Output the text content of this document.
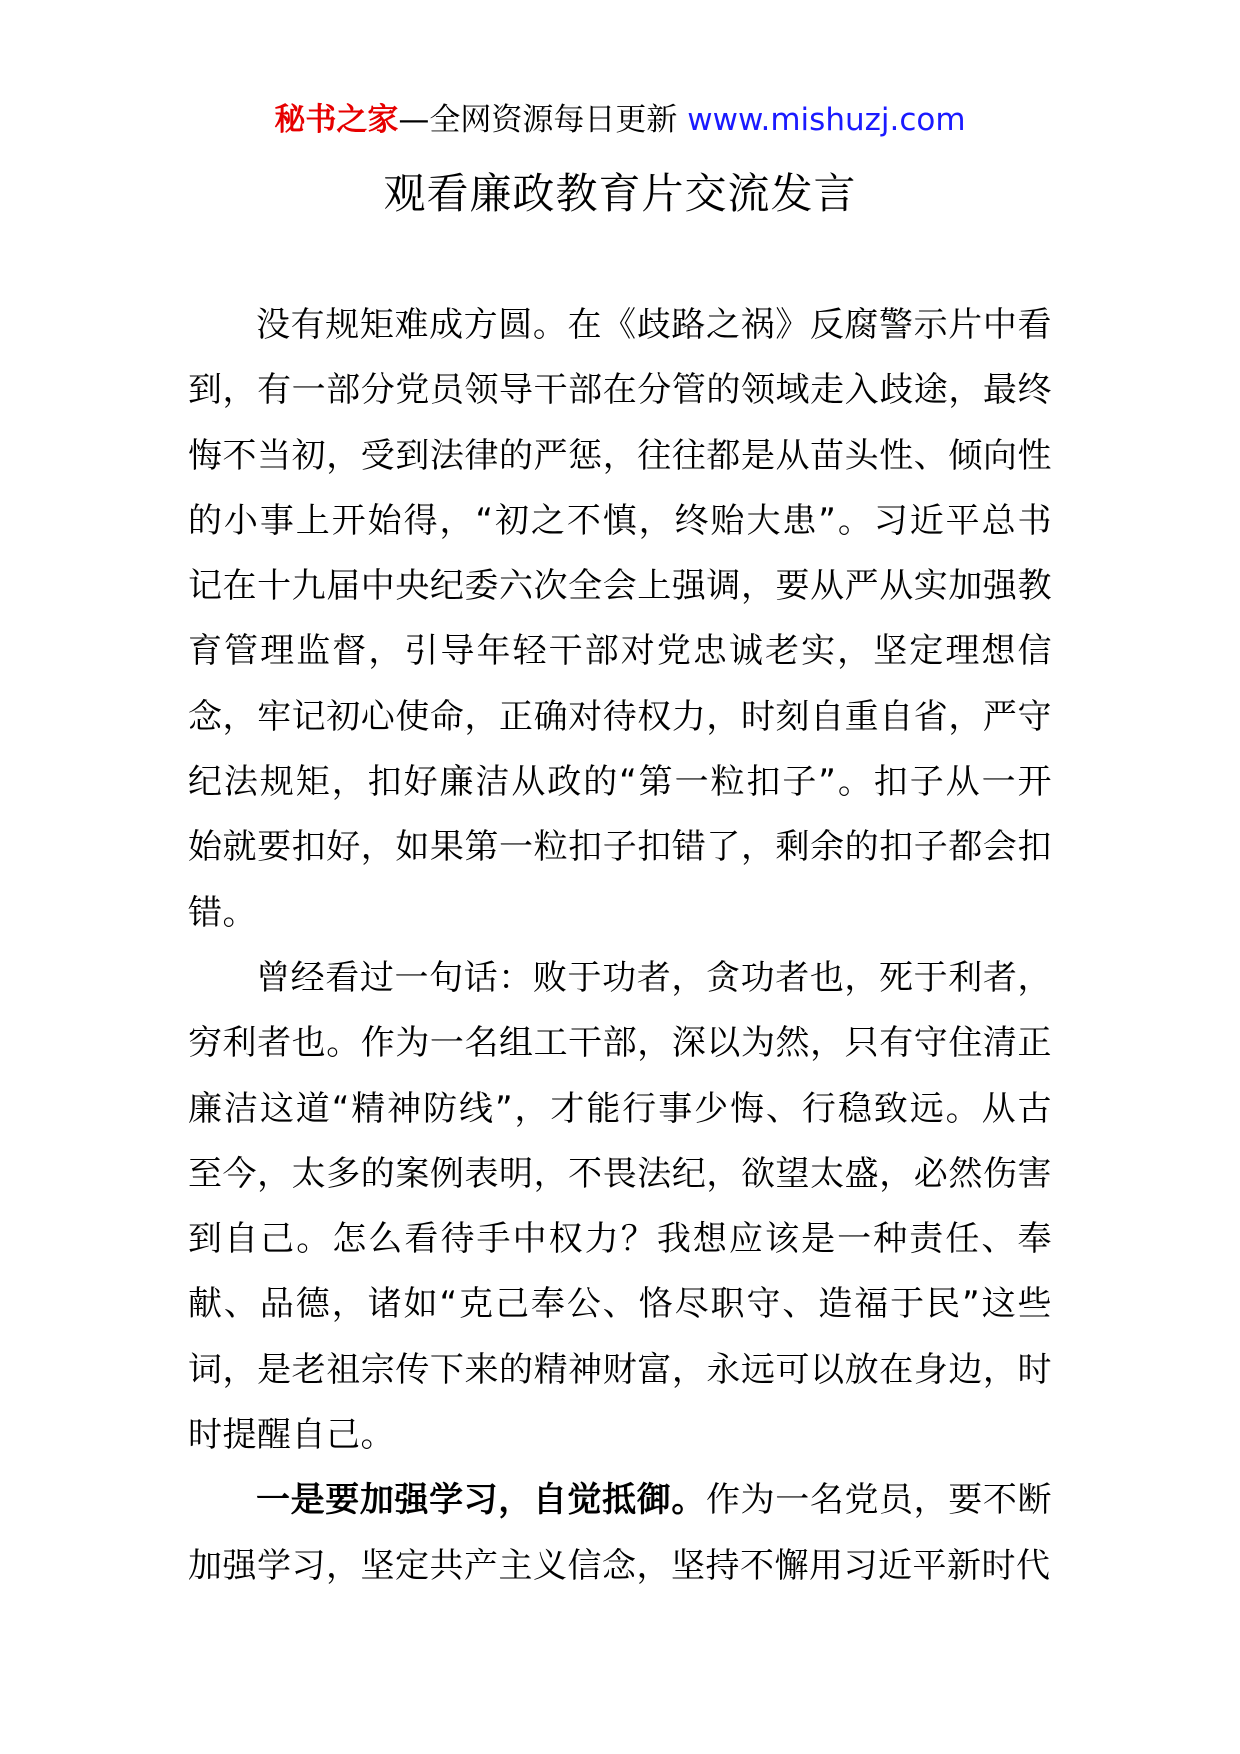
秘书之家—全网资源每日更新 www.mishuzj.com
观看廉政教育片交流发言

没有规矩难成方圆。在《歧路之祸》反腐警示片中看到，有一部分党员领导干部在分管的领域走入歧途，最终悔不当初，受到法律的严惩，往往都是从苗头性、倾向性的小事上开始得，“初之不慎，终贻大患”。习近平总书记在十九届中央纪委六次全会上强调，要从严从实加强教育管理监督，引导年轻干部对党忠诚老实，坚定理想信念，牢记初心使命，正确对待权力，时刻自重自省，严守纪法规矩，扣好廉洁从政的“第一粒扣子”。扣子从一开始就要扣好，如果第一粒扣子扣错了，剩余的扣子都会扣错。

曾经看过一句话：败于功者，贪功者也，死于利者，穷利者也。作为一名组工干部，深以为然，只有守住清正廉洁这道“精神防线”，才能行事少悔、行稳致远。从古至今，太多的案例表明，不畏法纪，欲望太盛，必然伤害到自己。怎么看待手中权力？我想应该是一种责任、奉献、品德，诸如“克己奉公、恪尽职守、造福于民”这些词，是老祖宗传下来的精神财富，永远可以放在身边，时时提醒自己。

一是要加强学习，自觉抵御。作为一名党员，要不断加强学习，坚定共产主义信念，坚持不懈用习近平新时代
